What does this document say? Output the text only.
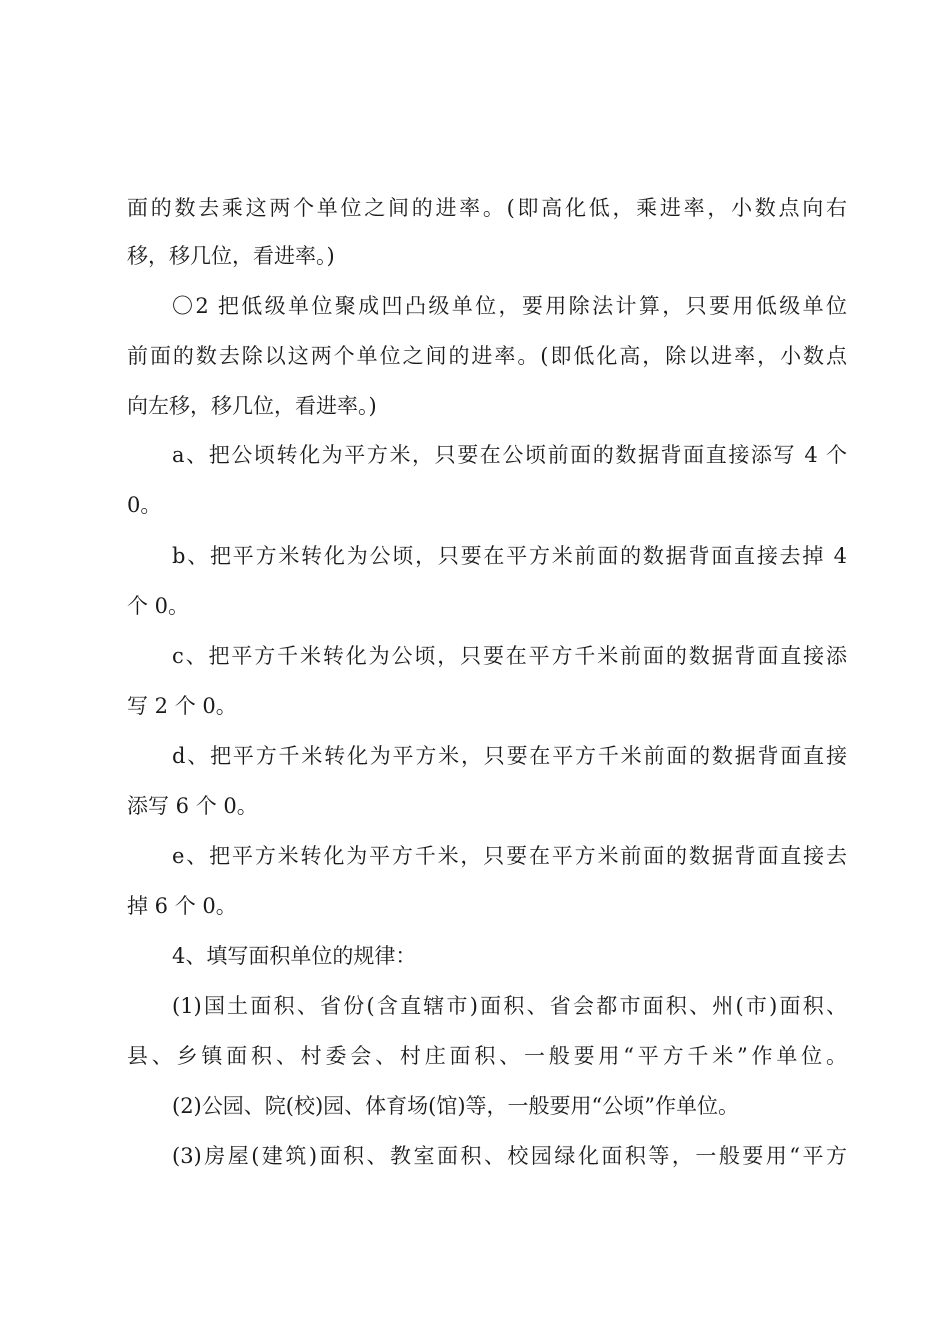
面的数去乘这两个单位之间的进率。(即高化低，乘进率，小数点向右
移，移几位，看进率。)
〇2 把低级单位聚成凹凸级单位，要用除法计算，只要用低级单位
前面的数去除以这两个单位之间的进率。(即低化高，除以进率，小数点
向左移，移几位，看进率。)
a、把公顷转化为平方米，只要在公顷前面的数据背面直接添写 4 个
0。
b、把平方米转化为公顷，只要在平方米前面的数据背面直接去掉 4
个 0。
c、把平方千米转化为公顷，只要在平方千米前面的数据背面直接添
写 2 个 0。
d、把平方千米转化为平方米，只要在平方千米前面的数据背面直接
添写 6 个 0。
e、把平方米转化为平方千米，只要在平方米前面的数据背面直接去
掉 6 个 0。
4、填写面积单位的规律：
(1)国土面积、省份(含直辖市)面积、省会都市面积、州(市)面积、
县、乡镇面积、村委会、村庄面积、一般要用“平方千米”作单位。
(2)公园、院(校)园、体育场(馆)等，一般要用“公顷”作单位。
(3)房屋(建筑)面积、教室面积、校园绿化面积等，一般要用“平方
